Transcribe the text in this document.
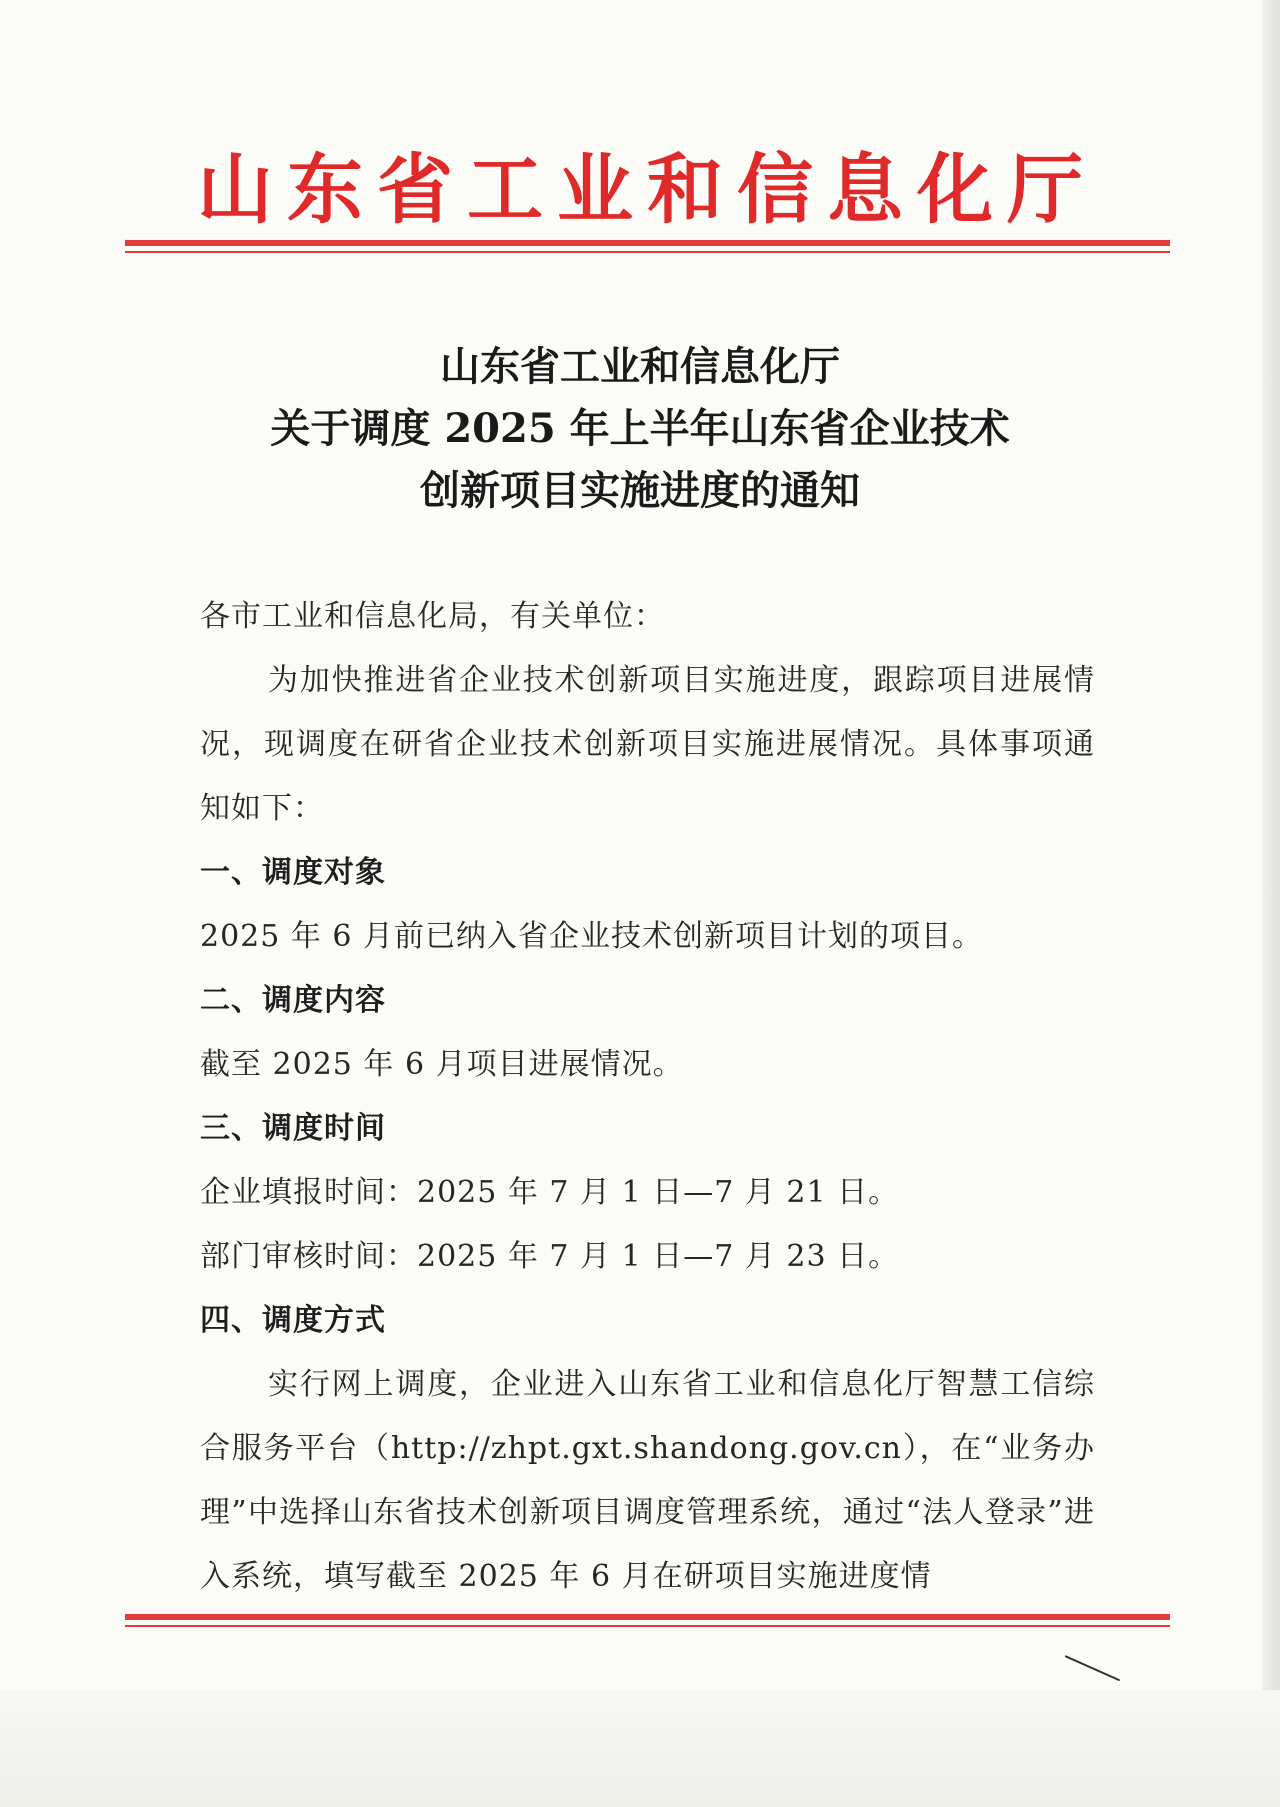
山东省工业和信息化厅
山东省工业和信息化厅
关于调度 2025 年上半年山东省企业技术
创新项目实施进度的通知

各市工业和信息化局，有关单位：

为加快推进省企业技术创新项目实施进度，跟踪项目进展情况，现调度在研省企业技术创新项目实施进展情况。具体事项通知如下：

一、调度对象

2025 年 6 月前已纳入省企业技术创新项目计划的项目。

二、调度内容

截至 2025 年 6 月项目进展情况。

三、调度时间

企业填报时间：2025 年 7 月 1 日—7 月 21 日。

部门审核时间：2025 年 7 月 1 日—7 月 23 日。

四、调度方式

实行网上调度，企业进入山东省工业和信息化厅智慧工信综合服务平台（http://zhpt.gxt.shandong.gov.cn），在“业务办理”中选择山东省技术创新项目调度管理系统，通过“法人登录”进入系统，填写截至 2025 年 6 月在研项目实施进度情
